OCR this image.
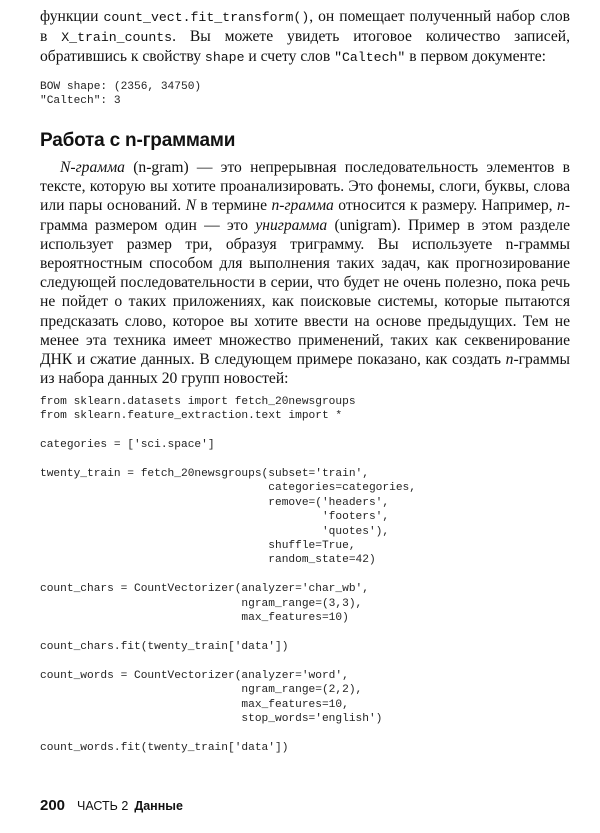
функции count_vect.fit_transform(), он помещает полученный набор слов в X_train_counts. Вы можете увидеть итоговое количество записей, обратившись к свойству shape и счету слов "Caltech" в первом документе:

BOW shape: (2356, 34750)
"Caltech": 3
Работа с n-граммами

N-грамма (n-gram) — это непрерывная последовательность элементов в тексте, которую вы хотите проанализировать. Это фонемы, слоги, буквы, слова или пары оснований. N в термине n-грамма относится к размеру. Например, n-грамма размером один — это униграмма (unigram). Пример в этом разделе использует размер три, образуя триграмму. Вы используете n-граммы вероятностным способом для выполнения таких задач, как прогнозирование следующей последовательности в серии, что будет не очень полезно, пока речь не пойдет о таких приложениях, как поисковые системы, которые пытаются предсказать слово, которое вы хотите ввести на основе предыдущих. Тем не менее эта техника имеет множество применений, таких как секвенирование ДНК и сжатие данных. В следующем примере показано, как создать n-граммы из набора данных 20 групп новостей:

from sklearn.datasets import fetch_20newsgroups
from sklearn.feature_extraction.text import *

categories = ['sci.space']

twenty_train = fetch_20newsgroups(subset='train',
categories=categories,
remove=('headers',
'footers',
'quotes'),
shuffle=True,
random_state=42)

count_chars = CountVectorizer(analyzer='char_wb',
ngram_range=(3,3),
max_features=10)

count_chars.fit(twenty_train['data'])

count_words = CountVectorizer(analyzer='word',
ngram_range=(2,2),
max_features=10,
stop_words='english')

count_words.fit(twenty_train['data'])
200 ЧАСТЬ 2 Данные
